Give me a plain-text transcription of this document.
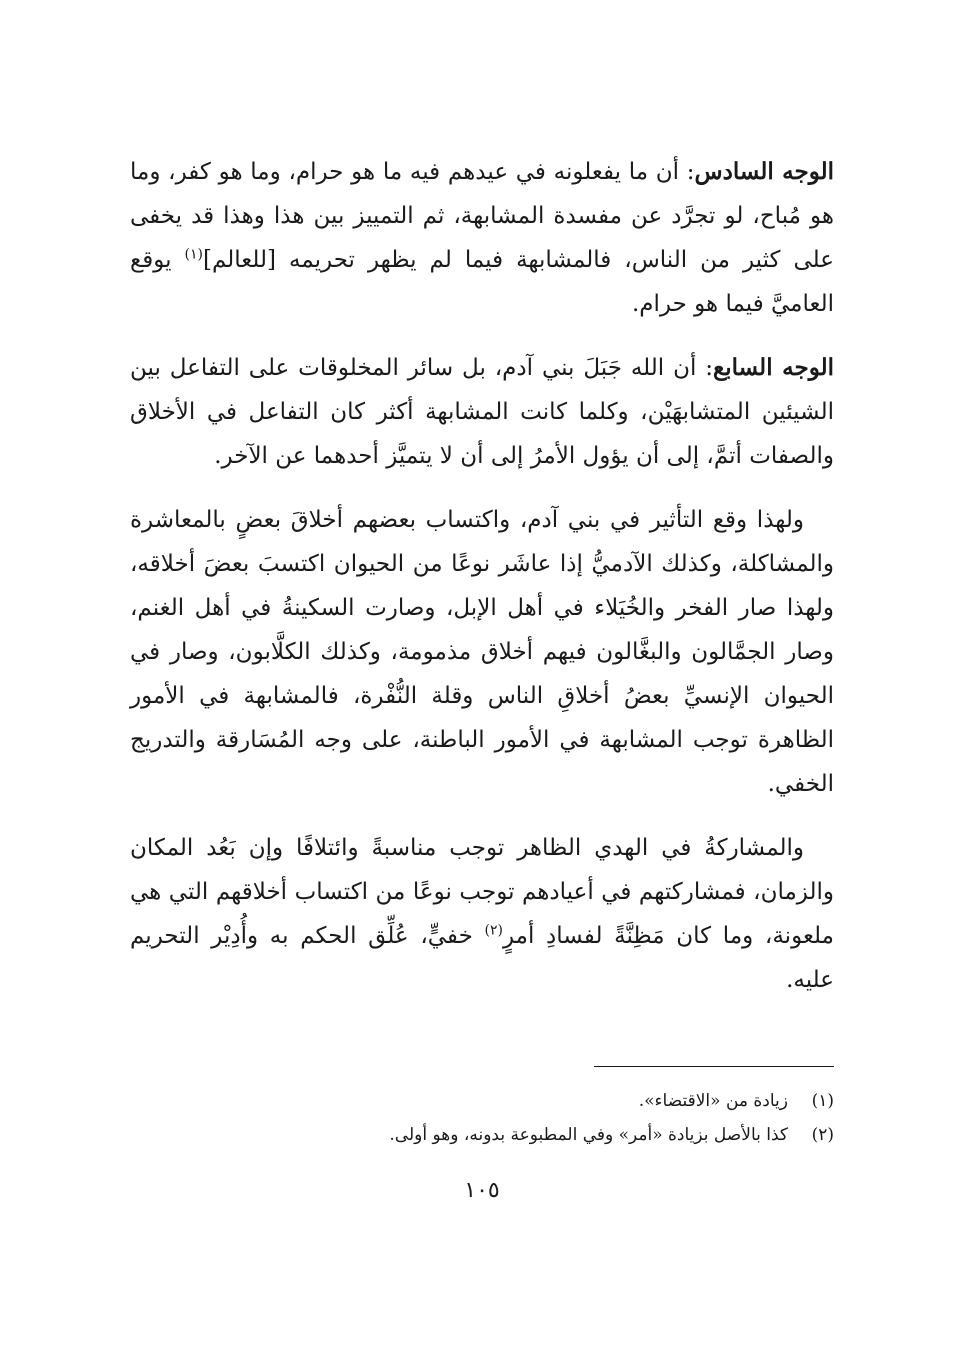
الوجه السادس: أن ما يفعلونه في عيدهم فيه ما هو حرام، وما هو كفر، وما هو مُباح، لو تجرَّد عن مفسدة المشابهة، ثم التمييز بين هذا وهذا قد يخفى على كثير من الناس، فالمشابهة فيما لم يظهر تحريمه [للعالم]$^{(١)}$ يوقع العاميَّ فيما هو حرام.

الوجه السابع: أن الله جَبَلَ بني آدم، بل سائر المخلوقات على التفاعل بين الشيئين المتشابهَيْن، وكلما كانت المشابهة أكثر كان التفاعل في الأخلاق والصفات أتمَّ، إلى أن يؤول الأمرُ إلى أن لا يتميَّز أحدهما عن الآخر.

ولهذا وقع التأثير في بني آدم، واكتساب بعضهم أخلاقَ بعضٍ بالمعاشرة والمشاكلة، وكذلك الآدميُّ إذا عاشَر نوعًا من الحيوان اكتسبَ بعضَ أخلاقه، ولهذا صار الفخر والخُيَلاء في أهل الإبل، وصارت السكينةُ في أهل الغنم، وصار الجمَّالون والبغَّالون فيهم أخلاق مذمومة، وكذلك الكلَّابون، وصار في الحيوان الإنسيِّ بعضُ أخلاقِ الناس وقلة النُّفْرة، فالمشابهة في الأمور الظاهرة توجب المشابهة في الأمور الباطنة، على وجه المُسَارقة والتدريج الخفي.

والمشاركةُ في الهدي الظاهر توجب مناسبةً وائتلافًا وإن بَعُد المكان والزمان، فمشاركتهم في أعيادهم توجب نوعًا من اكتساب أخلاقهم التي هي ملعونة، وما كان مَظِنَّةً لفسادِ أمرٍ$^{(٢)}$ خفيٍّ، عُلِّق الحكم به وأُدِيْر التحريم عليه.

(١)
زيادة من «الاقتضاء».
(٢)
كذا بالأصل بزيادة «أمر» وفي المطبوعة بدونه، وهو أولى.
١٠٥
